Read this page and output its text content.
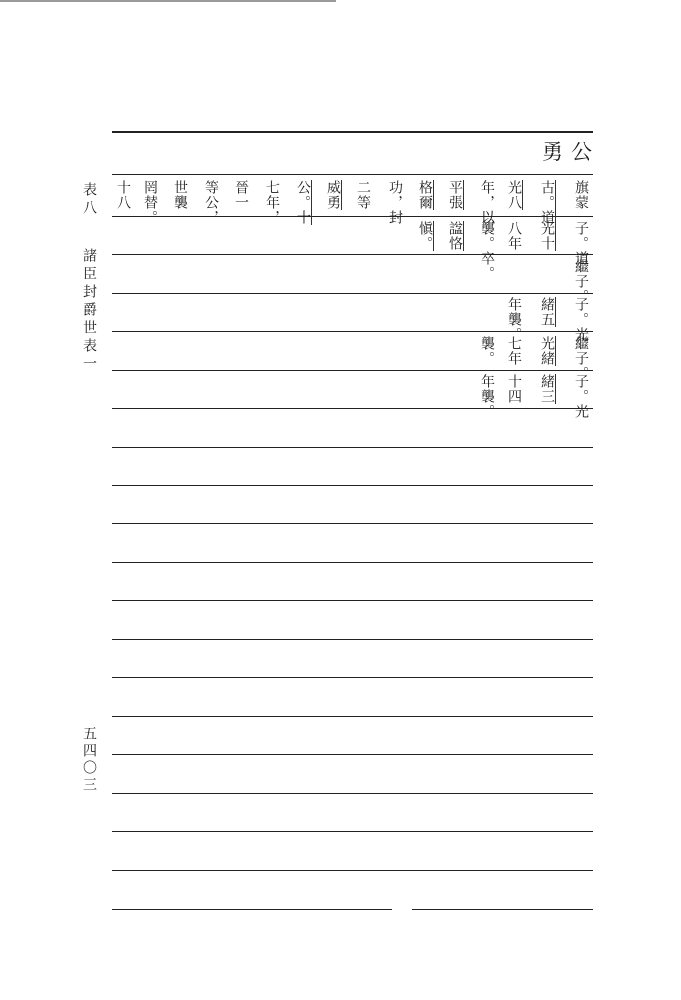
勇公
表八
諸臣封爵世表一
五四〇三
旗蒙
古。道
光八
年，以
平張
格爾
功，封
二等
威勇
公。十
七年，
晉一
等公，
世襲
罔替。
十八
子。道
光十
八年
襲。卒。
諡恪
愼。
繼子。
子。光
緒五
年襲。
繼子。
光緒
七年
襲。
子。光
緒三
十四
年襲。
